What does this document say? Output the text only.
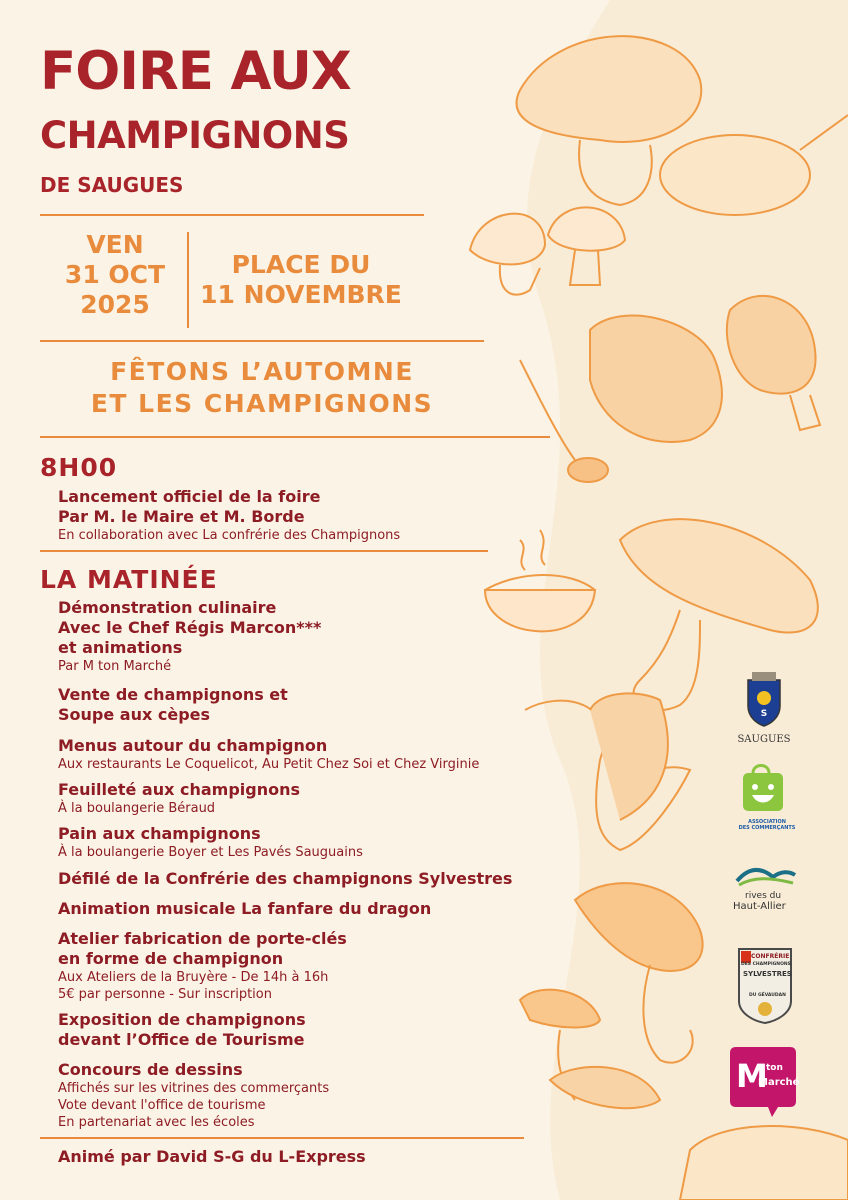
FOIRE AUX
CHAMPIGNONS
DE SAUGUES
VEN
31 OCT
2025
PLACE DU
11 NOVEMBRE
FÊTONS L’AUTOMNE
ET LES CHAMPIGNONS
8H00
Lancement officiel de la foire
Par M. le Maire et M. Borde
En collaboration avec La confrérie des Champignons
LA MATINÉE
Démonstration culinaire
Avec le Chef Régis Marcon***
et animations
Par M ton Marché
Vente de champignons et
Soupe aux cèpes
Menus autour du champignon
Aux restaurants Le Coquelicot, Au Petit Chez Soi et Chez Virginie
Feuilleté aux champignons
À la boulangerie Béraud
Pain aux champignons
À la boulangerie Boyer et Les Pavés Sauguains
Défilé de la Confrérie des champignons Sylvestres
Animation musicale La fanfare du dragon
Atelier fabrication de porte-clés
en forme de champignon
Aux Ateliers de la Bruyère - De 14h à 16h
5€ par personne - Sur inscription
Exposition de champignons
devant l’Office de Tourisme
Concours de dessins
Affichés sur les vitrines des commerçants
Vote devant l'office de tourisme
En partenariat avec les écoles
Animé par David S-G du L-Express
S
SAUGUES
ASSOCIATION
DES COMMERÇANTS
rives du
Haut-Allier
CONFRÉRIE
DES CHAMPIGNONS
SYLVESTRES
DU GÉVAUDAN
M
ton
Marché
